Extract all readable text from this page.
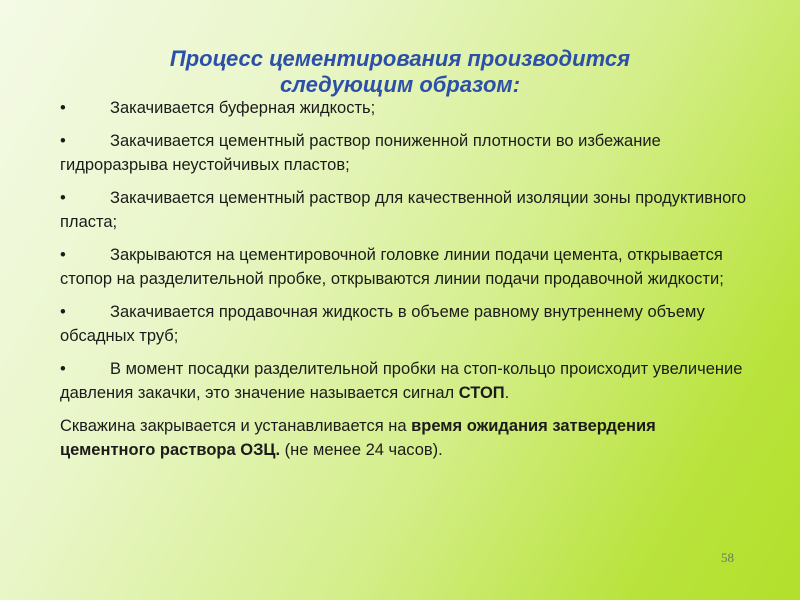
Процесс цементирования производится
следующим образом:
•	Закачивается буферная жидкость;
•	Закачивается цементный раствор пониженной плотности во избежание гидроразрыва неустойчивых пластов;
•	Закачивается цементный раствор для качественной изоляции зоны продуктивного пласта;
•	Закрываются на цементировочной головке линии подачи цемента, открывается стопор на разделительной пробке, открываются линии подачи продавочной жидкости;
•	Закачивается продавочная жидкость в объеме равному внутреннему объему обсадных труб;
•	В момент посадки разделительной пробки на стоп-кольцо происходит увеличение давления закачки, это значение называется сигнал СТОП.
Скважина закрывается и устанавливается на время ожидания затвердения цементного раствора ОЗЦ. (не менее 24 часов).
58
